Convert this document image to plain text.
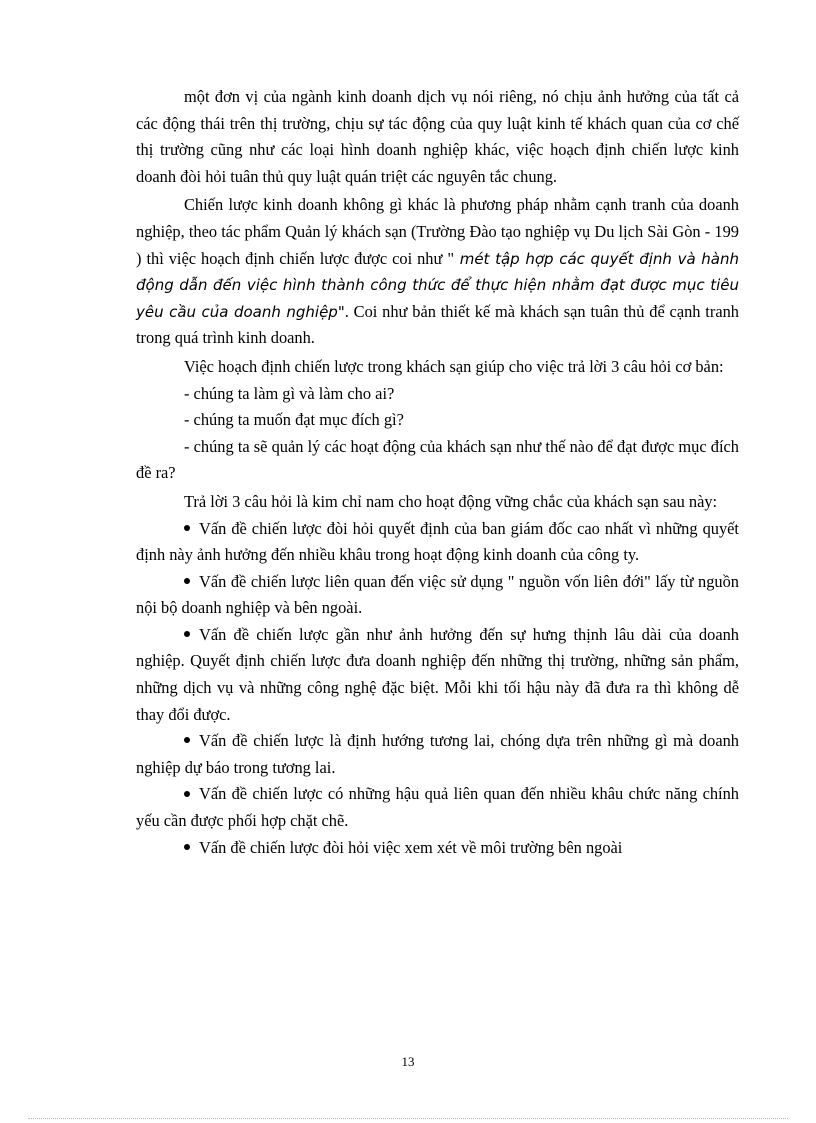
một đơn vị của ngành kinh doanh dịch vụ nói riêng, nó chịu ảnh hưởng của tất cả các động thái trên thị trường, chịu sự tác động của quy luật kinh tế khách quan của cơ chế thị trường cũng như các loại hình doanh nghiệp khác, việc hoạch định chiến lược kinh doanh đòi hỏi tuân thủ quy luật quán triệt các nguyên tắc chung.

Chiến lược kinh doanh không gì khác là phương pháp nhằm cạnh tranh của doanh nghiệp, theo tác phẩm Quản lý khách sạn (Trường Đào tạo nghiệp vụ Du lịch Sài Gòn - 199 ) thì việc hoạch định chiến lược được coi như " mét tập hợp các quyết định và hành động dẫn đến việc hình thành công thức để thực hiện nhằm đạt được mục tiêu yêu cầu của doanh nghiệp". Coi như bản thiết kế mà khách sạn tuân thủ để cạnh tranh trong quá trình kinh doanh.

Việc hoạch định chiến lược trong khách sạn giúp cho việc trả lời 3 câu hỏi cơ bản:

- chúng ta làm gì và làm cho ai?

- chúng ta muốn đạt mục đích gì?

- chúng ta sẽ quản lý các hoạt động của khách sạn như thế nào để đạt được mục đích đề ra?

Trả lời 3 câu hỏi là kim chỉ nam cho hoạt động vững chắc của khách sạn sau này:

Vấn đề chiến lược đòi hỏi quyết định của ban giám đốc cao nhất vì những quyết định này ảnh hưởng đến nhiều khâu trong hoạt động kinh doanh của công ty.

Vấn đề chiến lược liên quan đến việc sử dụng " nguồn vốn liên đới" lấy từ nguồn nội bộ doanh nghiệp và bên ngoài.

Vấn đề chiến lược gần như ảnh hưởng đến sự hưng thịnh lâu dài của doanh nghiệp. Quyết định chiến lược đưa doanh nghiệp đến những thị trường, những sản phẩm, những dịch vụ và những công nghệ đặc biệt. Mỗi khi tối hậu này đã đưa ra thì không dễ thay đổi được.

Vấn đề chiến lược là định hướng tương lai, chóng dựa trên những gì mà doanh nghiệp dự báo trong tương lai.

Vấn đề chiến lược có những hậu quả liên quan đến nhiều khâu chức năng chính yếu cần được phối hợp chặt chẽ.

Vấn đề chiến lược đòi hỏi việc xem xét về môi trường bên ngoài

13
